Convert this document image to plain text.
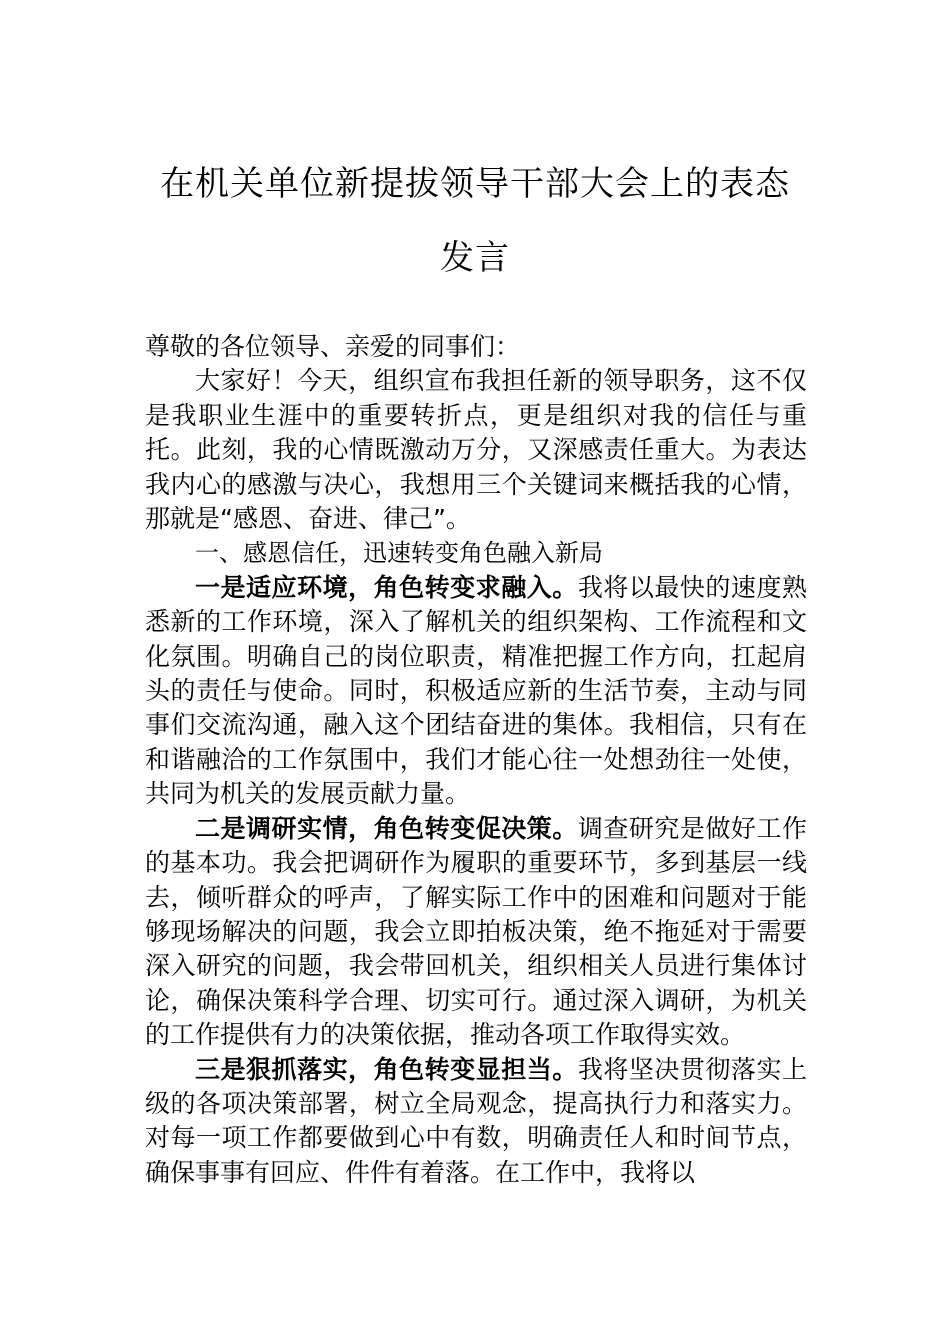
在机关单位新提拔领导干部大会上的表态
发言

尊敬的各位领导、亲爱的同事们：

大家好！今天，组织宣布我担任新的领导职务，这不仅是我职业生涯中的重要转折点，更是组织对我的信任与重托。此刻，我的心情既激动万分，又深感责任重大。为表达我内心的感激与决心，我想用三个关键词来概括我的心情，那就是“感恩、奋进、律己”。

一、感恩信任，迅速转变角色融入新局

一是适应环境，角色转变求融入。我将以最快的速度熟悉新的工作环境，深入了解机关的组织架构、工作流程和文化氛围。明确自己的岗位职责，精准把握工作方向，扛起肩头的责任与使命。同时，积极适应新的生活节奏，主动与同事们交流沟通，融入这个团结奋进的集体。我相信，只有在和谐融洽的工作氛围中，我们才能心往一处想劲往一处使，共同为机关的发展贡献力量。

二是调研实情，角色转变促决策。调查研究是做好工作的基本功。我会把调研作为履职的重要环节，多到基层一线去，倾听群众的呼声，了解实际工作中的困难和问题对于能够现场解决的问题，我会立即拍板决策，绝不拖延对于需要深入研究的问题，我会带回机关，组织相关人员进行集体讨论，确保决策科学合理、切实可行。通过深入调研，为机关的工作提供有力的决策依据，推动各项工作取得实效。

三是狠抓落实，角色转变显担当。我将坚决贯彻落实上级的各项决策部署，树立全局观念，提高执行力和落实力。对每一项工作都要做到心中有数，明确责任人和时间节点，确保事事有回应、件件有着落。在工作中，我将以
